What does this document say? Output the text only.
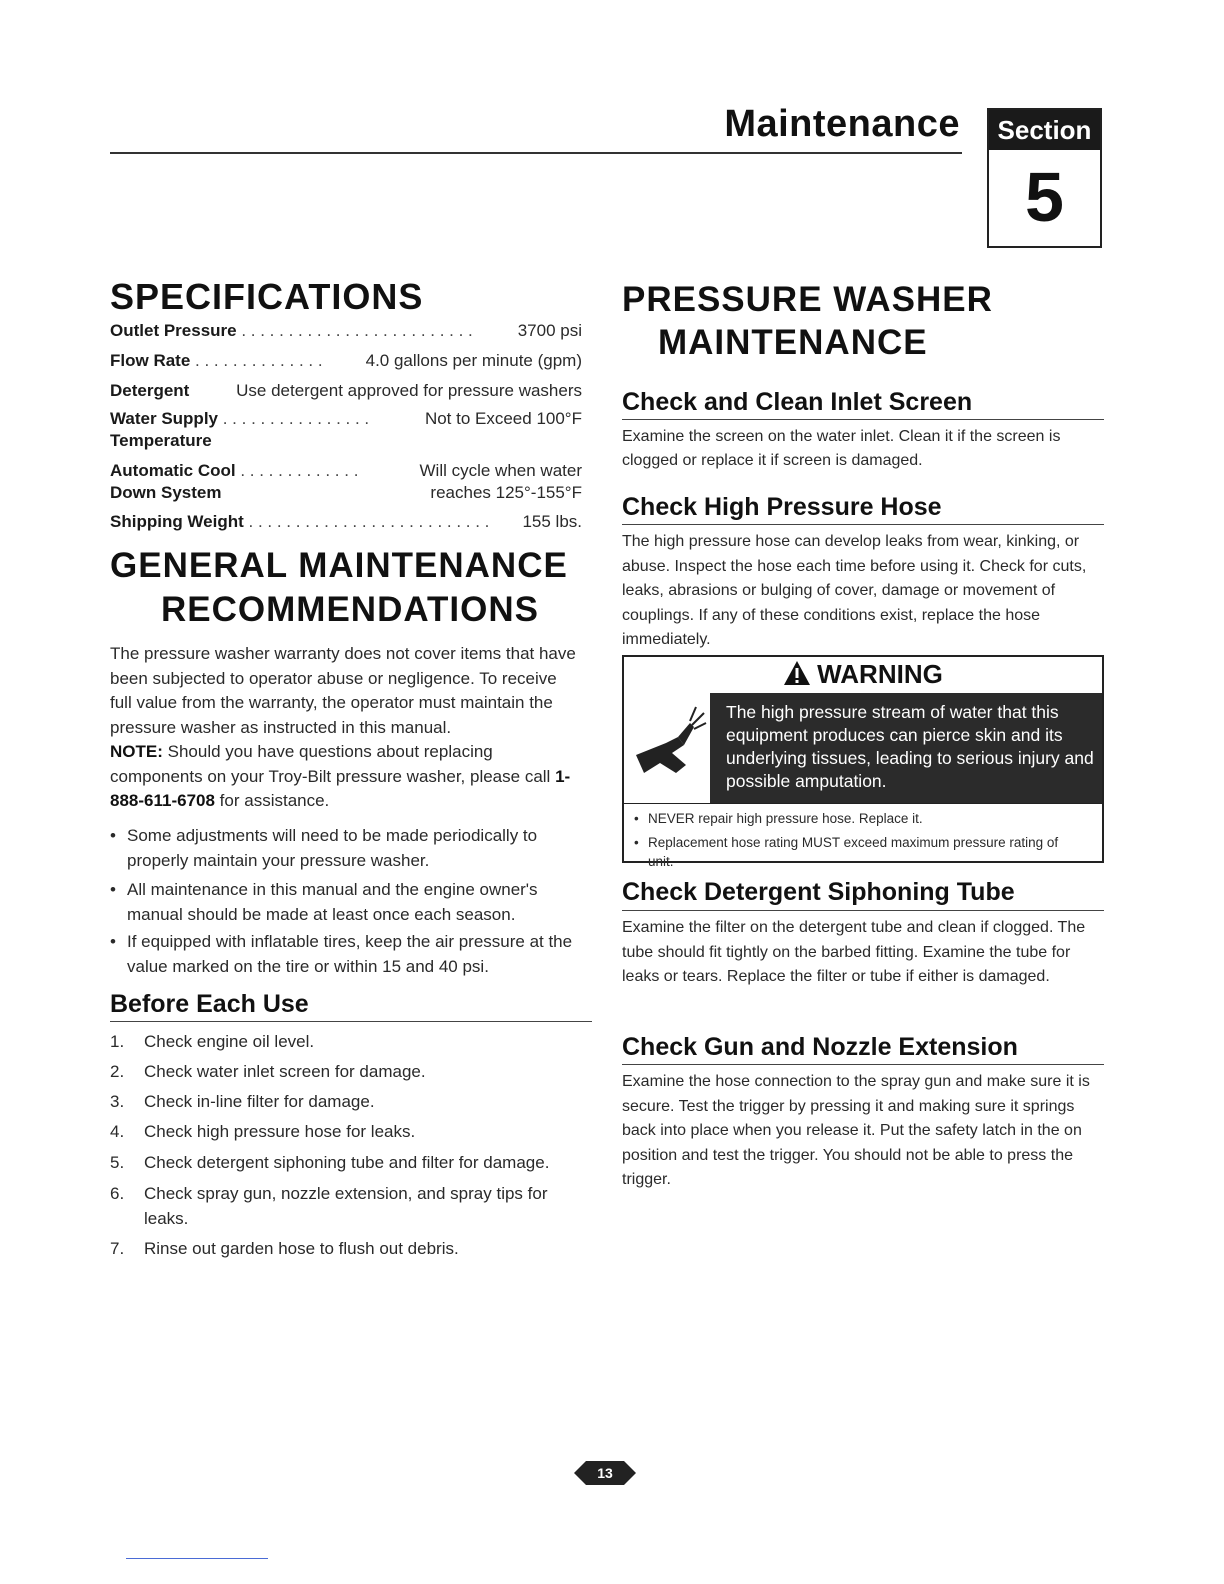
Maintenance	Section
5
SPECIFICATIONS
Outlet Pressure . . . . . . . . . . . . . . . . . . . . . . . . .	3700 psi
Flow Rate . . . . . . . . . . . . . .	4.0 gallons per minute (gpm)
Detergent	Use detergent approved for pressure washers
Water Supply . . . . . . . . . . . . . . . .	Not to Exceed 100°F
Temperature
Automatic Cool . . . . . . . . . . . . .	Will cycle when water
Down System	reaches 125°-155°F
Shipping Weight . . . . . . . . . . . . . . . . . . . . . . . . . . 155 lbs.
GENERAL MAINTENANCE
RECOMMENDATIONS
The pressure washer warranty does not cover items that have been subjected to operator abuse or negligence. To receive full value from the warranty, the operator must maintain the pressure washer as instructed in this manual.
NOTE: Should you have questions about replacing components on your Troy-Bilt pressure washer, please call 1-888-611-6708 for assistance.
• Some adjustments will need to be made periodically to properly maintain your pressure washer.
• All maintenance in this manual and the engine owner's manual should be made at least once each season.
• If equipped with inflatable tires, keep the air pressure at the value marked on the tire or within 15 and 40 psi.
Before Each Use
1.	Check engine oil level.
2.	Check water inlet screen for damage.
3.	Check in-line filter for damage.
4.	Check high pressure hose for leaks.
5.	Check detergent siphoning tube and filter for damage.
6.	Check spray gun, nozzle extension, and spray tips for leaks.
7.	Rinse out garden hose to flush out debris.
PRESSURE WASHER
MAINTENANCE
Check and Clean Inlet Screen
Examine the screen on the water inlet. Clean it if the screen is clogged or replace it if screen is damaged.
Check High Pressure Hose
The high pressure hose can develop leaks from wear, kinking, or abuse. Inspect the hose each time before using it. Check for cuts, leaks, abrasions or bulging of cover, damage or movement of couplings. If any of these conditions exist, replace the hose immediately.
WARNING
The high pressure stream of water that this equipment produces can pierce skin and its underlying tissues, leading to serious injury and possible amputation.
• NEVER repair high pressure hose. Replace it.
• Replacement hose rating MUST exceed maximum pressure rating of unit.
Check Detergent Siphoning Tube
Examine the filter on the detergent tube and clean if clogged. The tube should fit tightly on the barbed fitting. Examine the tube for leaks or tears. Replace the filter or tube if either is damaged.
Check Gun and Nozzle Extension
Examine the hose connection to the spray gun and make sure it is secure. Test the trigger by pressing it and making sure it springs back into place when you release it. Put the safety latch in the on position and test the trigger. You should not be able to press the trigger.
13
